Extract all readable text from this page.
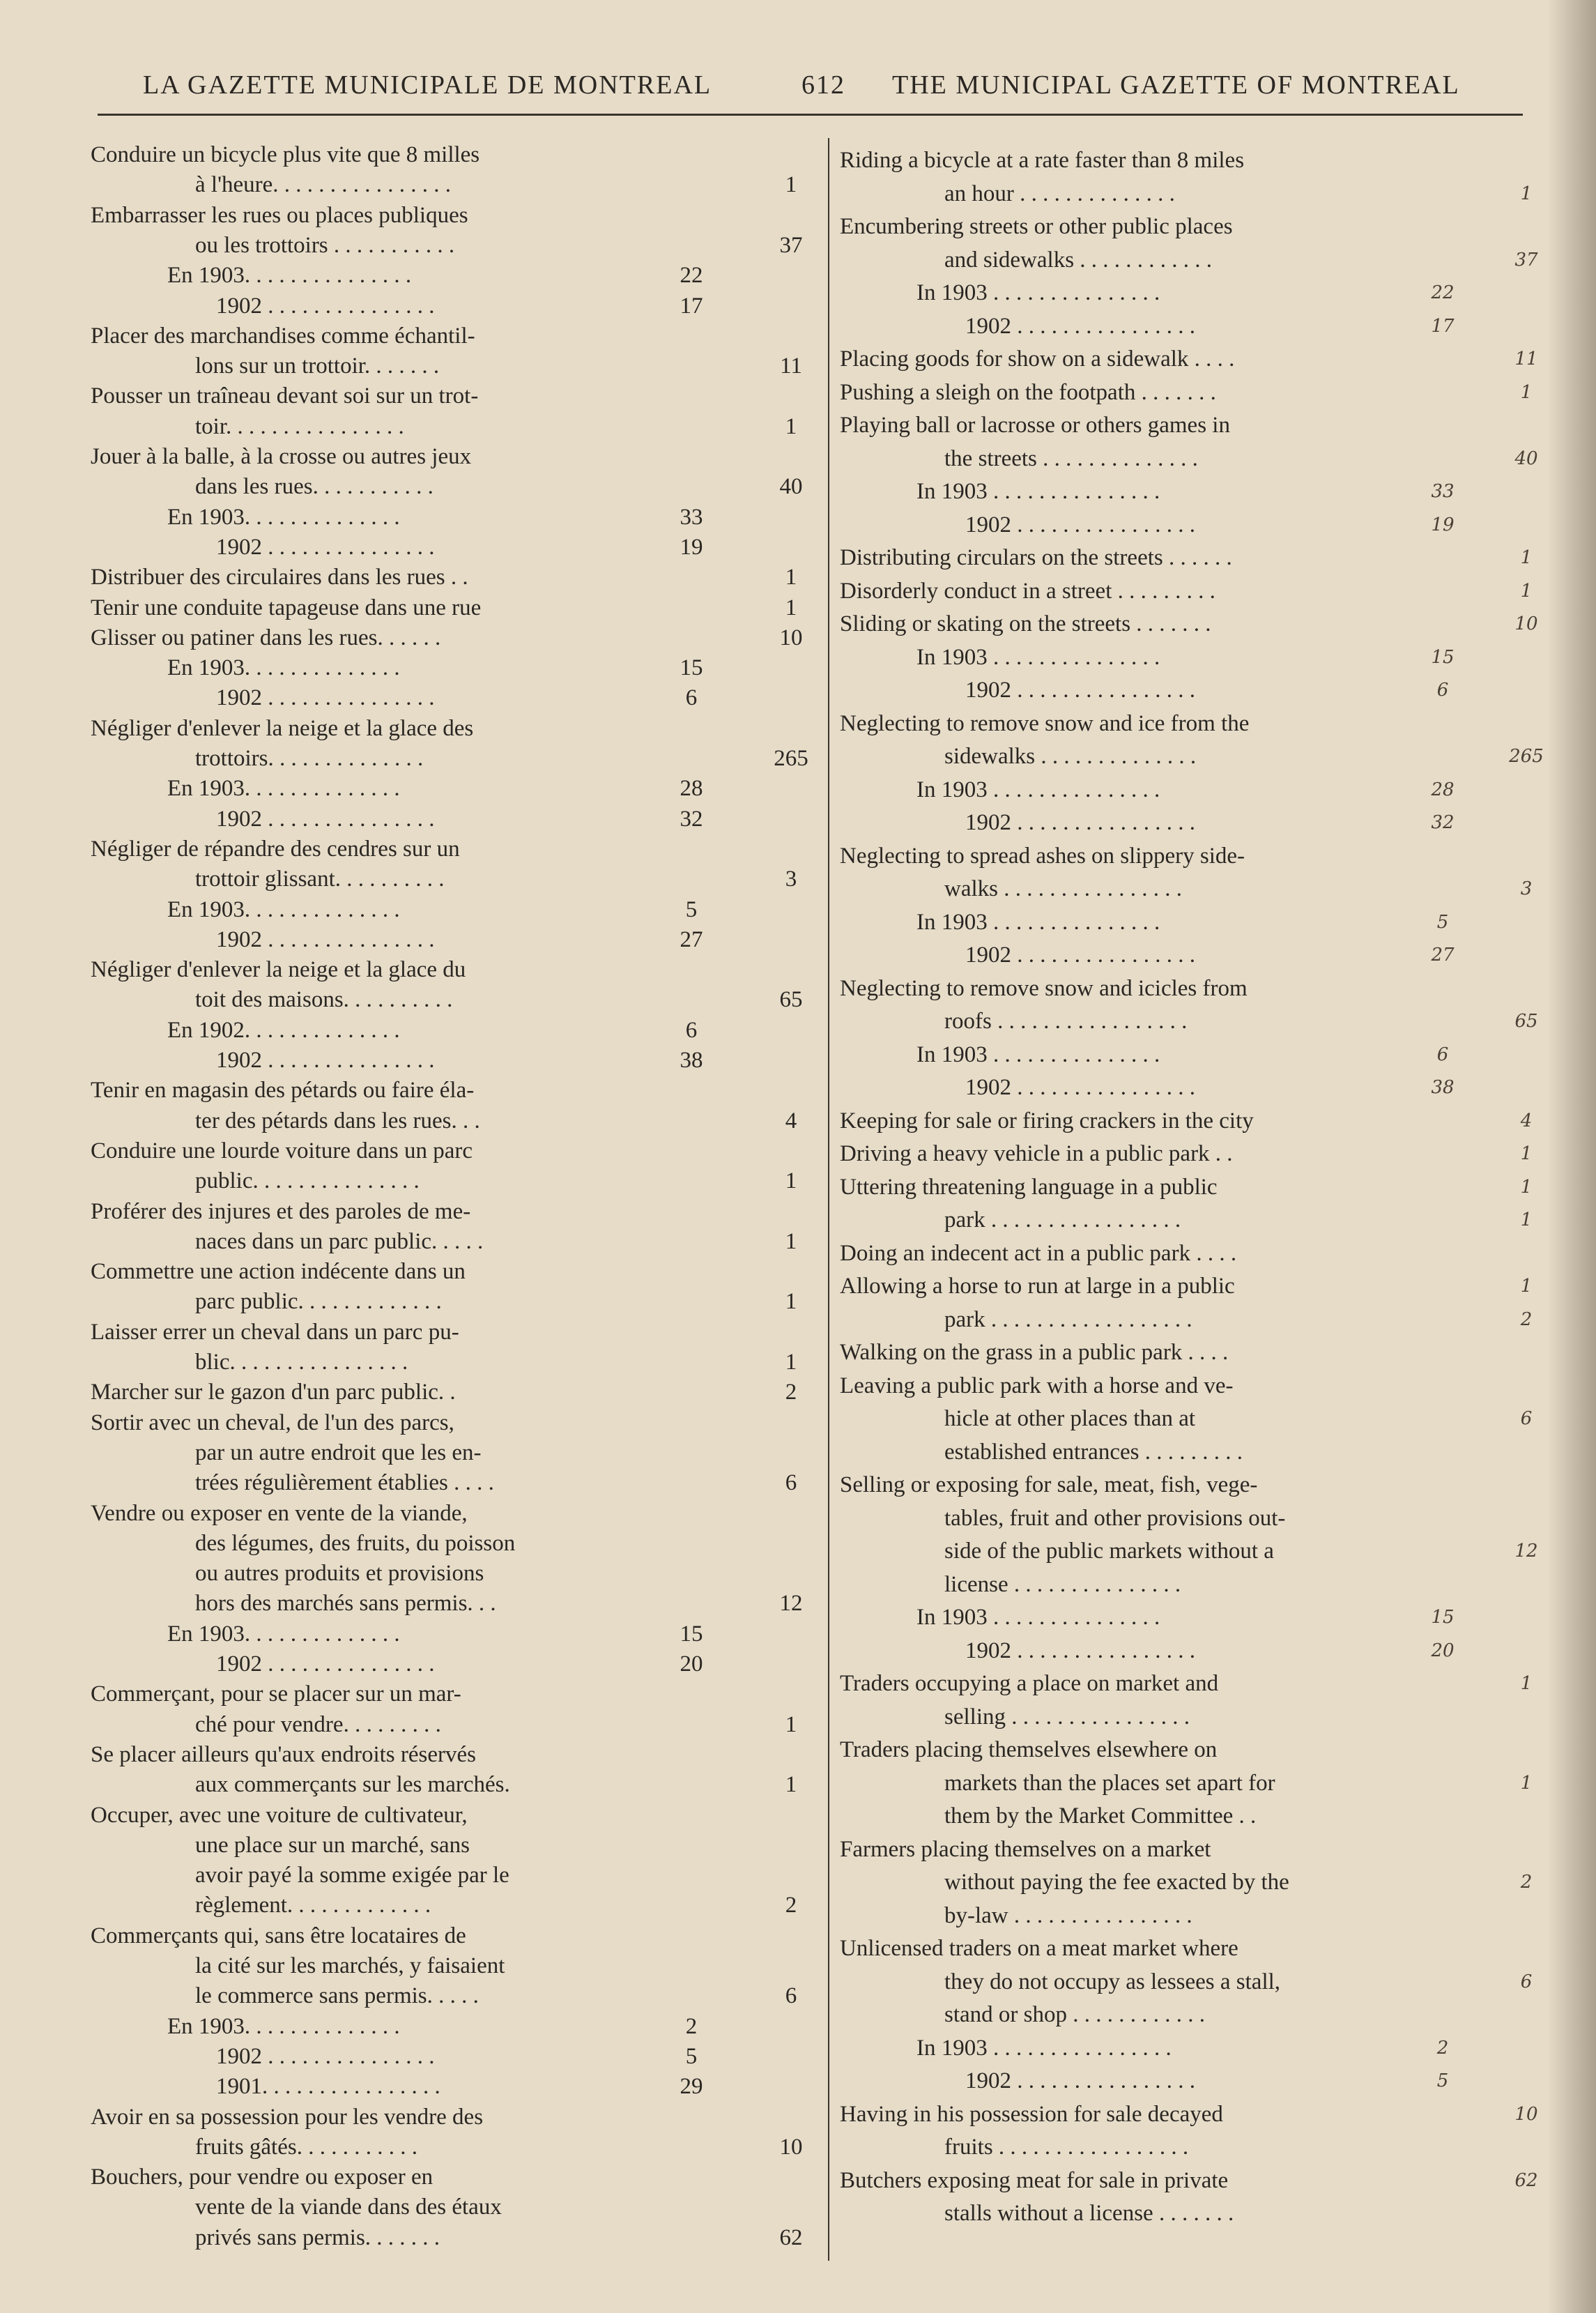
LA GAZETTE MUNICIPALE DE MONTREAL	612 THE MUNICIPAL GAZETTE OF MONTREAL
Conduire un bicycle plus vite que 8 milles
à l'heure. . . . . . . . . . . . . . . .	1
Embarrasser les rues ou places publiques
ou les trottoirs . . . . . . . . . . .	37
En 1903. . . . . . . . . . . . . . .	22
1902 . . . . . . . . . . . . . . .	17
Placer des marchandises comme échantil-
lons sur un trottoir. . . . . . .	11
Pousser un traîneau devant soi sur un trot-
toir. . . . . . . . . . . . . . . .	1
Jouer à la balle, à la crosse ou autres jeux
dans les rues. . . . . . . . . . .	40
En 1903. . . . . . . . . . . . . .	33
1902 . . . . . . . . . . . . . . .	19
Distribuer des circulaires dans les rues . .	1
Tenir une conduite tapageuse dans une rue	1
Glisser ou patiner dans les rues. . . . . .	10
En 1903. . . . . . . . . . . . . .	15
1902 . . . . . . . . . . . . . . .	6
Négliger d'enlever la neige et la glace des
trottoirs. . . . . . . . . . . . . .	265
En 1903. . . . . . . . . . . . . .	28
1902 . . . . . . . . . . . . . . .	32
Négliger de répandre des cendres sur un
trottoir glissant. . . . . . . . . .	3
En 1903. . . . . . . . . . . . . .	5
1902 . . . . . . . . . . . . . . .	27
Négliger d'enlever la neige et la glace du
toit des maisons. . . . . . . . . .	65
En 1902. . . . . . . . . . . . . .	6
1902 . . . . . . . . . . . . . . .	38
Tenir en magasin des pétards ou faire éla-
ter des pétards dans les rues. . .	4
Conduire une lourde voiture dans un parc
public. . . . . . . . . . . . . . .	1
Proférer des injures et des paroles de me-
naces dans un parc public. . . . .	1
Commettre une action indécente dans un
parc public. . . . . . . . . . . . .	1
Laisser errer un cheval dans un parc pu-
blic. . . . . . . . . . . . . . . .	1
Marcher sur le gazon d'un parc public. .	2
Sortir avec un cheval, de l'un des parcs,
par un autre endroit que les en-
trées régulièrement établies . . . .	6
Vendre ou exposer en vente de la viande,
des légumes, des fruits, du poisson
ou autres produits et provisions
hors des marchés sans permis. . .	12
En 1903. . . . . . . . . . . . . .	15
1902 . . . . . . . . . . . . . . .	20
Commerçant, pour se placer sur un mar-
ché pour vendre. . . . . . . . .	1
Se placer ailleurs qu'aux endroits réservés
aux commerçants sur les marchés.	1
Occuper, avec une voiture de cultivateur,
une place sur un marché, sans
avoir payé la somme exigée par le
règlement. . . . . . . . . . . . .	2
Commerçants qui, sans être locataires de
la cité sur les marchés, y faisaient
le commerce sans permis. . . . .	6
En 1903. . . . . . . . . . . . . .	2
1902 . . . . . . . . . . . . . . .	5
1901. . . . . . . . . . . . . . . .	29
Avoir en sa possession pour les vendre des
fruits gâtés. . . . . . . . . . .	10
Bouchers, pour vendre ou exposer en
vente de la viande dans des étaux
privés sans permis. . . . . . .	62
Riding a bicycle at a rate faster than 8 miles
an hour . . . . . . . . . . . . . .	1
Encumbering streets or other public places
and sidewalks . . . . . . . . . . . .	37
In 1903 . . . . . . . . . . . . . . .	22
1902 . . . . . . . . . . . . . . . .	17
Placing goods for show on a sidewalk . . . .	11
Pushing a sleigh on the footpath . . . . . . .	1
Playing ball or lacrosse or others games in
the streets . . . . . . . . . . . . . .	40
In 1903 . . . . . . . . . . . . . . .	33
1902 . . . . . . . . . . . . . . . .	19
Distributing circulars on the streets . . . . . .	1
Disorderly conduct in a street . . . . . . . . .	1
Sliding or skating on the streets . . . . . . .	10
In 1903 . . . . . . . . . . . . . . .	15
1902 . . . . . . . . . . . . . . . .	6
Neglecting to remove snow and ice from the
sidewalks . . . . . . . . . . . . . .	265
In 1903 . . . . . . . . . . . . . . .	28
1902 . . . . . . . . . . . . . . . .	32
Neglecting to spread ashes on slippery side-
walks . . . . . . . . . . . . . . . .	3
In 1903 . . . . . . . . . . . . . . .	5
1902 . . . . . . . . . . . . . . . .	27
Neglecting to remove snow and icicles from
roofs . . . . . . . . . . . . . . . . .	65
In 1903 . . . . . . . . . . . . . . .	6
1902 . . . . . . . . . . . . . . . .	38
Keeping for sale or firing crackers in the city	4
Driving a heavy vehicle in a public park . .	1
Uttering threatening language in a public	1
park . . . . . . . . . . . . . . . . .	1
Doing an indecent act in a public park . . . .
Allowing a horse to run at large in a public	1
park . . . . . . . . . . . . . . . . . .	2
Walking on the grass in a public park . . . .
Leaving a public park with a horse and ve-
hicle at other places than at	6
established entrances . . . . . . . . .
Selling or exposing for sale, meat, fish, vege-
tables, fruit and other provisions out-
side of the public markets without a	12
license . . . . . . . . . . . . . . .
In 1903 . . . . . . . . . . . . . . .	15
1902 . . . . . . . . . . . . . . . .	20
Traders occupying a place on market and	1
selling . . . . . . . . . . . . . . . .
Traders placing themselves elsewhere on
markets than the places set apart for	1
them by the Market Committee . .
Farmers placing themselves on a market
without paying the fee exacted by the	2
by-law . . . . . . . . . . . . . . . .
Unlicensed traders on a meat market where
they do not occupy as lessees a stall,	6
stand or shop . . . . . . . . . . . .
In 1903 . . . . . . . . . . . . . . . .	2
1902 . . . . . . . . . . . . . . . .	5
Having in his possession for sale decayed	10
fruits . . . . . . . . . . . . . . . . .
Butchers exposing meat for sale in private	62
stalls without a license . . . . . . .
